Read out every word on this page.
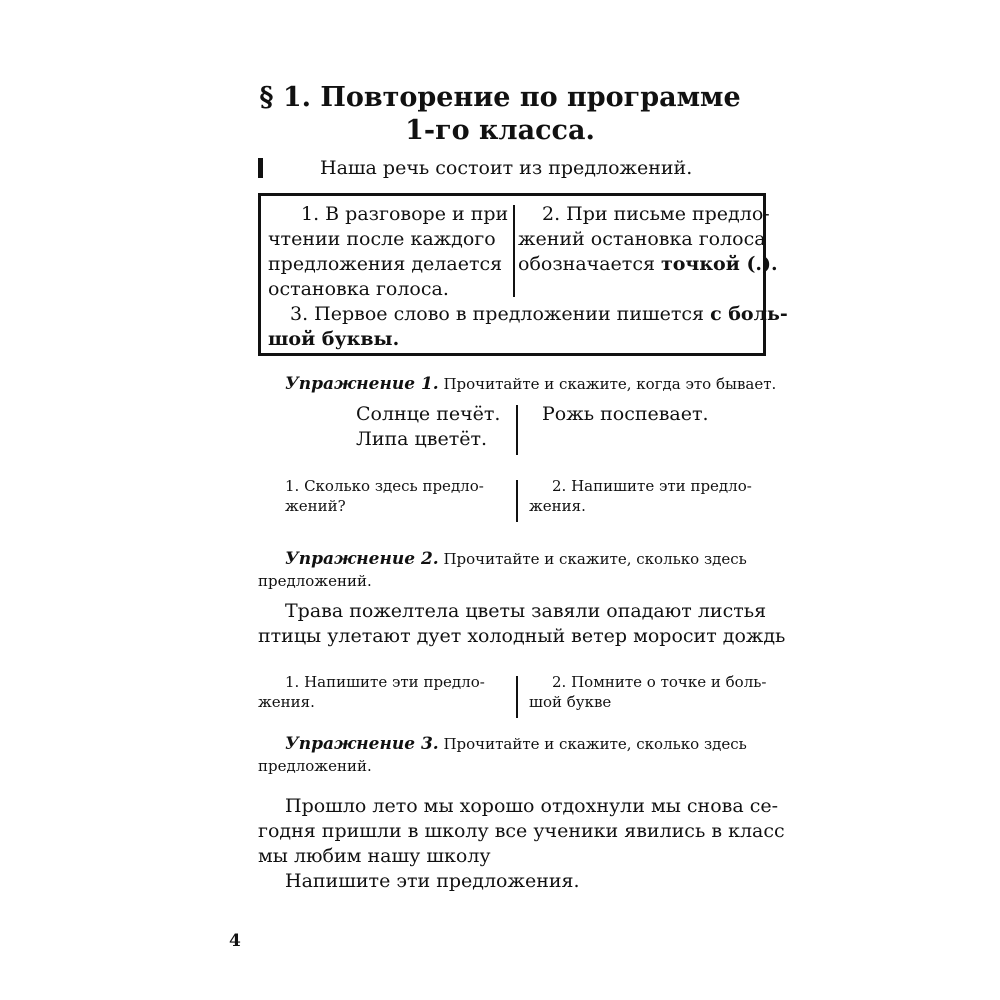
§ 1. Повторение по программе
1-го класса.
Наша речь состоит из предложений.
1. В разговоре и при
чтении после каждого
предложения делается
остановка голоса.
2. При письме предло-
жений остановка голоса
обозначается точкой (.).
3. Первое слово в предложении пишется с боль-
шой буквы.
Упражнение 1. Прочитайте и скажите, когда это бывает.
Солнце печёт.
Липа цветёт.
Рожь поспевает.
1. Сколько здесь предло-
жений?
2. Напишите эти предло-
жения.
Упражнение 2. Прочитайте и скажите, сколько здесь
предложений.
Трава пожелтела цветы завяли опадают листья
птицы улетают дует холодный ветер моросит дождь
1. Напишите эти предло-
жения.
2. Помните о точке и боль-
шой букве
Упражнение 3. Прочитайте и скажите, сколько здесь
предложений.
Прошло лето мы хорошо отдохнули мы снова се-
годня пришли в школу все ученики явились в класс
мы любим нашу школу
Напишите эти предложения.
4
